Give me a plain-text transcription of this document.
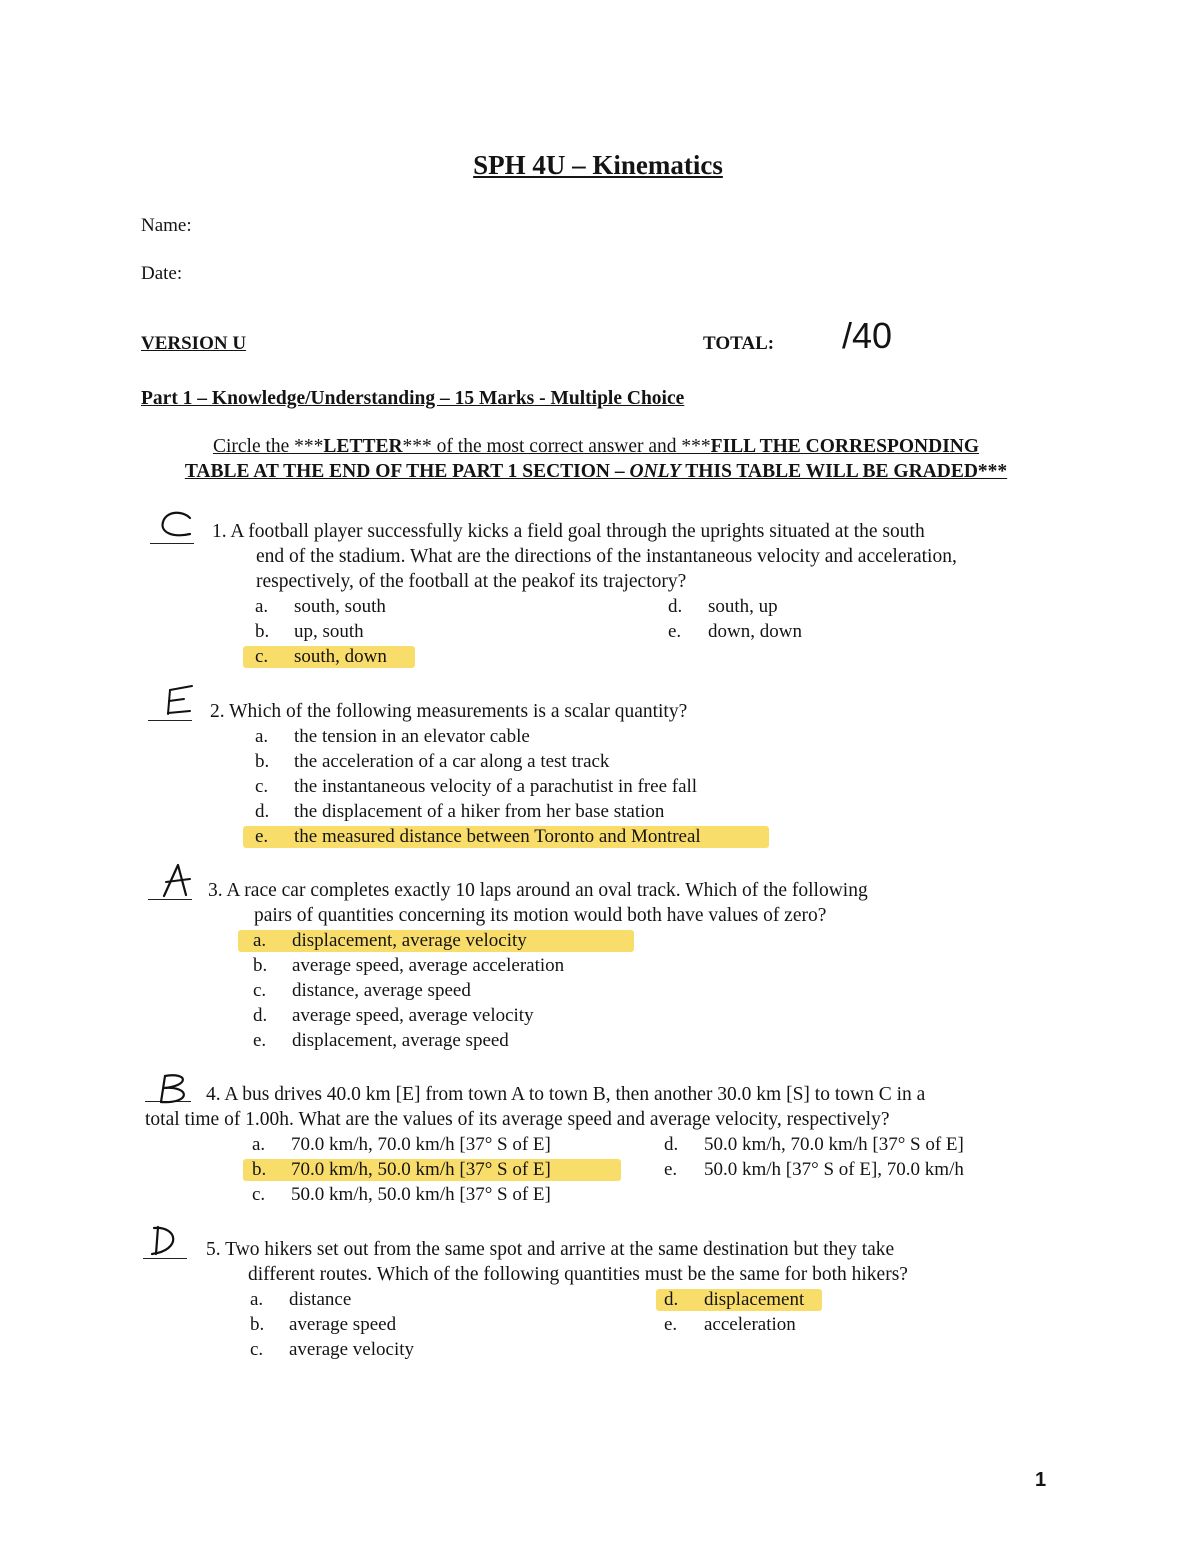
SPH 4U – Kinematics
Name:
Date:
VERSION U	TOTAL: /40
Part 1 – Knowledge/Understanding – 15 Marks - Multiple Choice
Circle the ***LETTER*** of the most correct answer and ***FILL THE CORRESPONDING
TABLE AT THE END OF THE PART 1 SECTION – ONLY THIS TABLE WILL BE GRADED***
1. A football player successfully kicks a field goal through the uprights situated at the south
end of the stadium. What are the directions of the instantaneous velocity and acceleration,
respectively, of the football at the peakof its trajectory?
a. south, south
b. up, south
c. south, down
d. south, up
e. down, down
2. Which of the following measurements is a scalar quantity?
a. the tension in an elevator cable
b. the acceleration of a car along a test track
c. the instantaneous velocity of a parachutist in free fall
d. the displacement of a hiker from her base station
e. the measured distance between Toronto and Montreal
3. A race car completes exactly 10 laps around an oval track. Which of the following
pairs of quantities concerning its motion would both have values of zero?
a. displacement, average velocity
b. average speed, average acceleration
c. distance, average speed
d. average speed, average velocity
e. displacement, average speed
4. A bus drives 40.0 km [E] from town A to town B, then another 30.0 km [S] to town C in a
total time of 1.00h. What are the values of its average speed and average velocity, respectively?
a. 70.0 km/h, 70.0 km/h [37° S of E]
b. 70.0 km/h, 50.0 km/h [37° S of E]
c. 50.0 km/h, 50.0 km/h [37° S of E]
d. 50.0 km/h, 70.0 km/h [37° S of E]
e. 50.0 km/h [37° S of E], 70.0 km/h
5. Two hikers set out from the same spot and arrive at the same destination but they take
different routes. Which of the following quantities must be the same for both hikers?
a. distance
b. average speed
c. average velocity
d. displacement
e. acceleration
1
